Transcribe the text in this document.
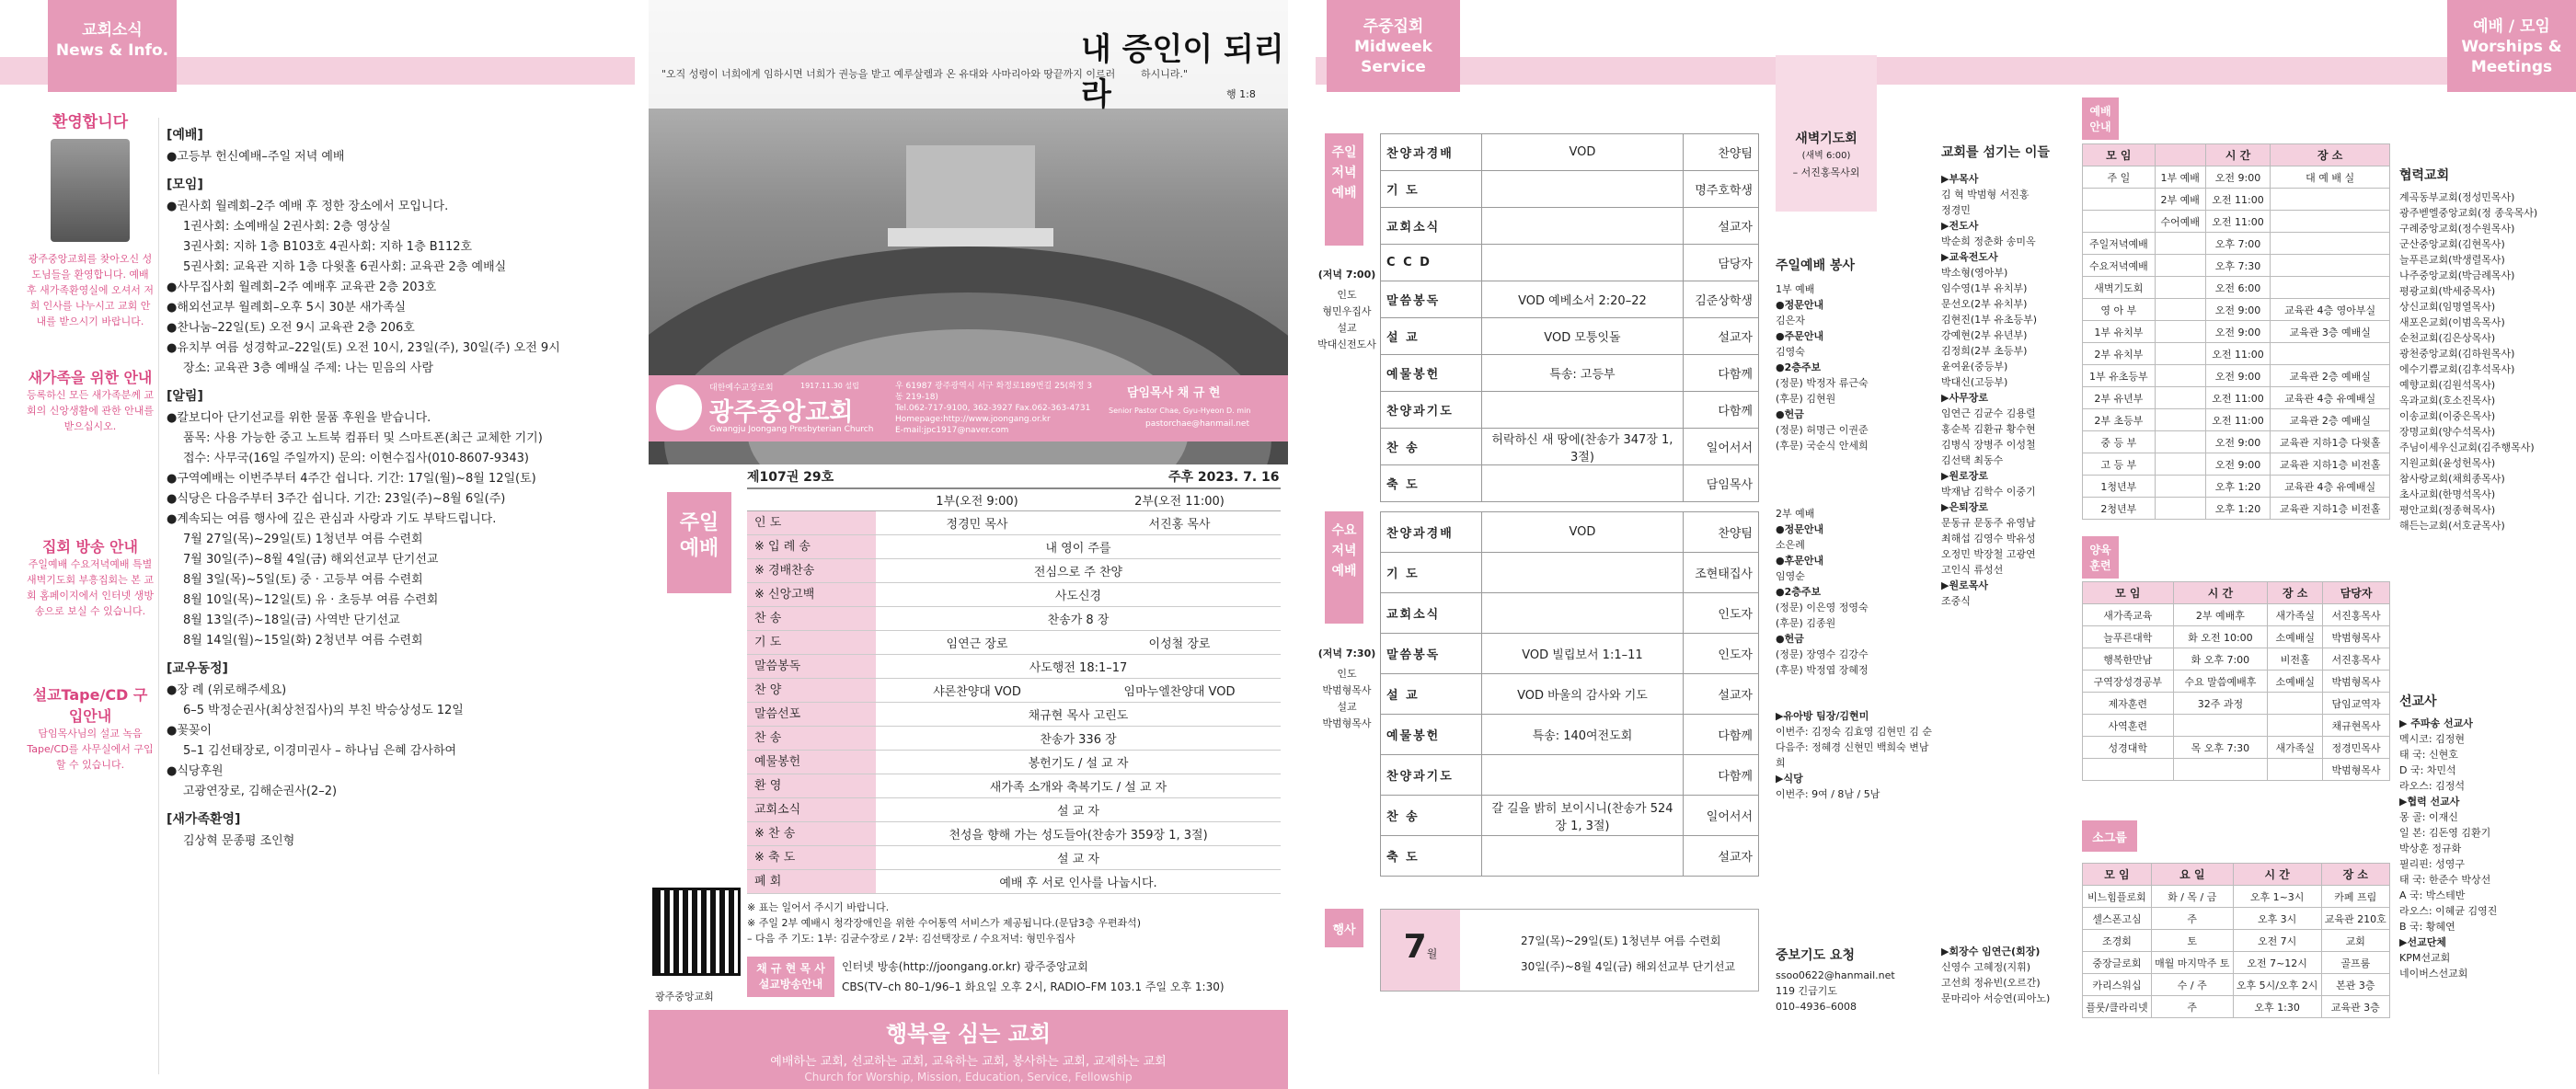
교회소식
News & Info.
환영합니다
광주중앙교회를 찾아오신 성도님들을 환영합니다. 예배 후 새가족환영실에 오셔서 저희 인사를 나누시고 교회 안내를 받으시기 바랍니다.
새가족을 위한 안내
등록하신 모든 새가족분께 교회의 신앙생활에 관한 안내를 받으십시오.
집회 방송 안내
주일예배 수요저녁예배 특별새벽기도회 부흥집회는 본 교회 홈페이지에서 인터넷 생방송으로 보실 수 있습니다.
설교Tape/CD 구입안내
담임목사님의 설교 녹음 Tape/CD를 사무실에서 구입할 수 있습니다.
[예배]
●고등부 헌신예배–주일 저녁 예배
[모임]
●권사회 월례회–2주 예배 후 정한 장소에서 모입니다.
1권사회: 소예배실 2권사회: 2층 영상실
3권사회: 지하 1층 B103호 4권사회: 지하 1층 B112호
5권사회: 교육관 지하 1층 다윗홀 6권사회: 교육관 2층 예배실
●사무집사회 월례회–2주 예배후 교육관 2층 203호
●해외선교부 월례회–오후 5시 30분 새가족실
●찬나눔–22일(토) 오전 9시 교육관 2층 206호
●유치부 여름 성경학교–22일(토) 오전 10시, 23일(주), 30일(주) 오전 9시
장소: 교육관 3층 예배실 주제: 나는 믿음의 사람
[알림]
●칼보디아 단기선교를 위한 물품 후원을 받습니다.
품목: 사용 가능한 중고 노트북 컴퓨터 및 스마트폰(최근 교체한 기기)
접수: 사무국(16일 주일까지) 문의: 이현수집사(010-8607-9343)
●구역예배는 이번주부터 4주간 쉽니다. 기간: 17일(월)~8월 12일(토)
●식당은 다음주부터 3주간 쉽니다. 기간: 23일(주)~8월 6일(주)
●계속되는 여름 행사에 깊은 관심과 사랑과 기도 부탁드립니다.
7월 27일(목)~29일(토) 1청년부 여름 수련회
7월 30일(주)~8월 4일(금) 해외선교부 단기선교
8월 3일(목)~5일(토) 중 · 고등부 여름 수련회
8월 10일(목)~12일(토) 유 · 초등부 여름 수련회
8월 13일(주)~18일(금) 사역반 단기선교
8월 14일(월)~15일(화) 2청년부 여름 수련회
[교우동정]
●장 례 (위로해주세요)
6–5 박정순권사(최상천집사)의 부친 박승상성도 12일
●꽃꽂이
5–1 김선태장로, 이경미권사 – 하나님 은혜 감사하여
●식당후원
고광연장로, 김해순권사(2–2)
[새가족환영]
김상혁 문종평 조인형
"오직 성령이 너희에게 임하시면 너희가 권능을 받고 예루살렘과 온 유대와 사마리아와 땅끝까지 이르러	하시니라."
내 증인이 되리라	행 1:8
대한예수교장로회	1917.11.30 설립
광주중앙교회
Gwangju Joongang Presbyterian Church
우 61987 광주광역시 서구 화정로189번길 25(화정 3동 219-18)
Tel.062-717-9100, 362-3927 Fax.062-363-4731
Homepage:http://www.joongang.or.kr
E-mail:jpc1917@naver.com
담임목사 채 규 현
Senior Pastor Chae, Gyu-Hyeon D. min
pastorchae@hanmail.net
제107권 29호	주후 2023. 7. 16
주일
예배
1부(오전 9:00)	2부(오전 11:00)
인 도	정경민 목사	서진홍 목사
※ 입 례 송	내 영이 주를
※ 경배찬송	전심으로 주 찬양
※ 신앙고백	사도신경
찬 송	찬송가 8 장
기 도	임연근 장로	이성철 장로
말씀봉독	사도행전 18:1–17
찬 양	샤론찬양대 VOD	임마누엘찬양대 VOD
말씀선포	채규현 목사 고린도
찬 송	찬송가 336 장
예물봉헌	봉헌기도 / 설 교 자
환 영	새가족 소개와 축복기도 / 설 교 자
교회소식	설 교 자
※ 찬 송	천성을 향해 가는 성도들아(찬송가 359장 1, 3절)
※ 축 도	설 교 자
폐 회	예배 후 서로 인사를 나눕시다.
※ 표는 일어서 주시기 바랍니다.
※ 주일 2부 예배시 청각장애인을 위한 수어통역 서비스가 제공됩니다.(문답3층 우편좌석)
– 다음 주 기도: 1부: 김균수장로 / 2부: 김선택장로 / 수요저녁: 형민우집사
광주중앙교회
채 규 현 목 사
설교방송안내
인터넷 방송(http://joongang.or.kr) 광주중앙교회
CBS(TV–ch 80–1/96–1 화요일 오후 2시, RADIO–FM 103.1 주일 오후 1:30)
행복을 심는 교회
예배하는 교회, 선교하는 교회, 교육하는 교회, 봉사하는 교회, 교제하는 교회
Church for Worship, Mission, Education, Service, Fellowship
주중집회
Midweek
Service
주일
저녁
예배
(저녁 7:00)
인도
형민우집사
설교
박대신전도사
찬양과경배	VOD	찬양팀
기 도		명주호학생
교회소식		설교자
C C D		담당자
말씀봉독	VOD 예베소서 2:20–22	김준상학생
설 교	VOD 모퉁잇돌	설교자
예물봉헌	특송: 고등부	다함께
찬양과기도		다함께
찬 송	허락하신 새 땅에(찬송가 347장 1, 3절)	일어서서
축 도		담임목사
수요
저녁
예배
(저녁 7:30)
인도
박범형목사
설교
박범형목사
찬양과경배	VOD	찬양팀
기 도		조현태집사
교회소식		인도자
말씀봉독	VOD 빌립보서 1:1–11	인도자
설 교	VOD 바울의 감사와 기도	설교자
예물봉헌	특송: 140여전도회	다함께
찬양과기도		다함께
찬 송	갈 길을 밝히 보이시니(찬송가 524장 1, 3절)	일어서서
축 도		설교자
행사	7월
27일(목)~29일(토) 1청년부 여름 수련회
30일(주)~8월 4일(금) 해외선교부 단기선교
새벽기도회
(새벽 6:00)
– 서진홍목사외
주일예배 봉사
1부 예배
●정문안내
김은자
●주문안내
김영숙
●2층주보
(정문) 박정자 류근숙
(후문) 김현원
●헌금
(정문) 허명근 이권준
(후문) 국순식 안세희
2부 예배
●정문안내
소은례
●후문안내
임영순
●2층주보
(정문) 이은영 정영숙
(후문) 김종원
●헌금
(정문) 장영수 김강수
(후문) 박정엽 장혜정
▶유아방 팀장/김현미
이번주: 김정숙 김효영 김현민 김 순
다음주: 정혜경 신현민 백희숙 변남희
▶식당
이번주: 9여 / 8남 / 5남
중보기도 요청
ssoo0622@hanmail.net
119 긴급기도
010–4936–6008
교회를 섬기는 이들
▶부목사
김 혁 박범형 서진홍
정경민
▶전도사
박순희 정춘화 송미옥
▶교육전도사
박소형(영아부)
임수영(1부 유치부)
문선오(2부 유치부)
김현진(1부 유초등부)
강예현(2부 유년부)
김정희(2부 초등부)
윤여윤(중등부)
박대신(고등부)
▶사무장로
임연근 김균수 김용렬
홍순복 김환규 황수현
김병식 장병주 이성철
김선택 최동수
▶원로장로
박재남 김학수 이중기
▶은퇴장로
문동규 문동주 유영남
최해섭 김영수 박유성
오정민 박장철 고광연
고인식 류성선
▶원로목사
조중식
▶회장수 임연근(회장)
신영수 고혜정(지휘)
고선희 정유빈(오르간)
문마리아 서승연(피아노)
예배 / 모임
Worships &
Meetings
예배
안내
모 임		시 간	장 소
주 일	1부 예배	오전 9:00	대 예 배 실
	2부 예배	오전 11:00	
	수어예배	오전 11:00	
주일저녁예배		오후 7:00	
수요저녁예배		오후 7:30	
새벽기도회		오전 6:00	
영 아 부		오전 9:00	교육관 4층 영아부실
1부 유치부		오전 9:00	교육관 3층 예배실
2부 유치부		오전 11:00	
1부 유초등부		오전 9:00	교육관 2층 예배실
2부 유년부		오전 11:00	교육관 4층 유예배실
2부 초등부		오전 11:00	교육관 2층 예배실
중 등 부		오전 9:00	교육관 지하1층 다윗홀
고 등 부		오전 9:00	교육관 지하1층 비전홀
1청년부		오후 1:20	교육관 4층 유예배실
2청년부		오후 1:20	교육관 지하1층 비전홀
양육
훈련
모 임	시 간	장 소	담당자
새가족교육	2부 예배후	새가족실	서진홍목사
늘푸른대학	화 오전 10:00	소예배실	박범형목사
행복한만남	화 오후 7:00	비전홀	서진홍목사
구역장성경공부	수요 말씀예배후	소예배실	박범형목사
제자훈련	32주 과정		담임교역자
사역훈련			채규현목사
성경대학	목 오후 7:30	새가족실	정경민목사
			박범형목사
소그룹
모 임	요 일	시 간	장 소
비느힘플로회	화 / 목 / 금	오후 1~3시	카페 프림
셀스폰고심	주	오후 3시	교육관 210호
조경회	토	오전 7시	교회
중장글로회	매월 마지막주 토	오전 7~12시	골프룸
카리스워십	수 / 주	오후 5시/오후 2시	본관 3층
플룻/클라리넷	주	오후 1:30	교육관 3층
협력교회
계곡동부교회(정성민목사)
광주벧엘중앙교회(정 종욱목사)
구례중앙교회(정수원목사)
군산중앙교회(김현목사)
늘푸른교회(박생렬목사)
나주중앙교회(박금례목사)
평광교회(박세중목사)
상신교회(임명열목사)
새포은교회(이범옥목사)
순천교회(김은상목사)
광천중앙교회(김하원목사)
에수기쁨교회(김후석목사)
예향교회(김원석목사)
옥과교회(호소진목사)
이송교회(이중은목사)
장명교회(양수석목사)
주님이세우신교회(김주행목사)
지원교회(윤성헌목사)
참사랑교회(채희종목사)
초사교회(한명석목사)
평안교회(정종혁목사)
해든는교회(서호균목사)
선교사
▶ 주파송 선교사
멕시코: 김정현
태 국: 신현호
D 국: 차민석
라오스: 김정석
▶협력 선교사
몽 골: 이재신
일 본: 김돈영 김환기
박상훈 정규화
필리핀: 성영구
태 국: 한준수 박상선
A 국: 박스테반
라오스: 이혜균 김영진
B 국: 황혜연
▶선교단체
KPM선교회
네이버스선교회
